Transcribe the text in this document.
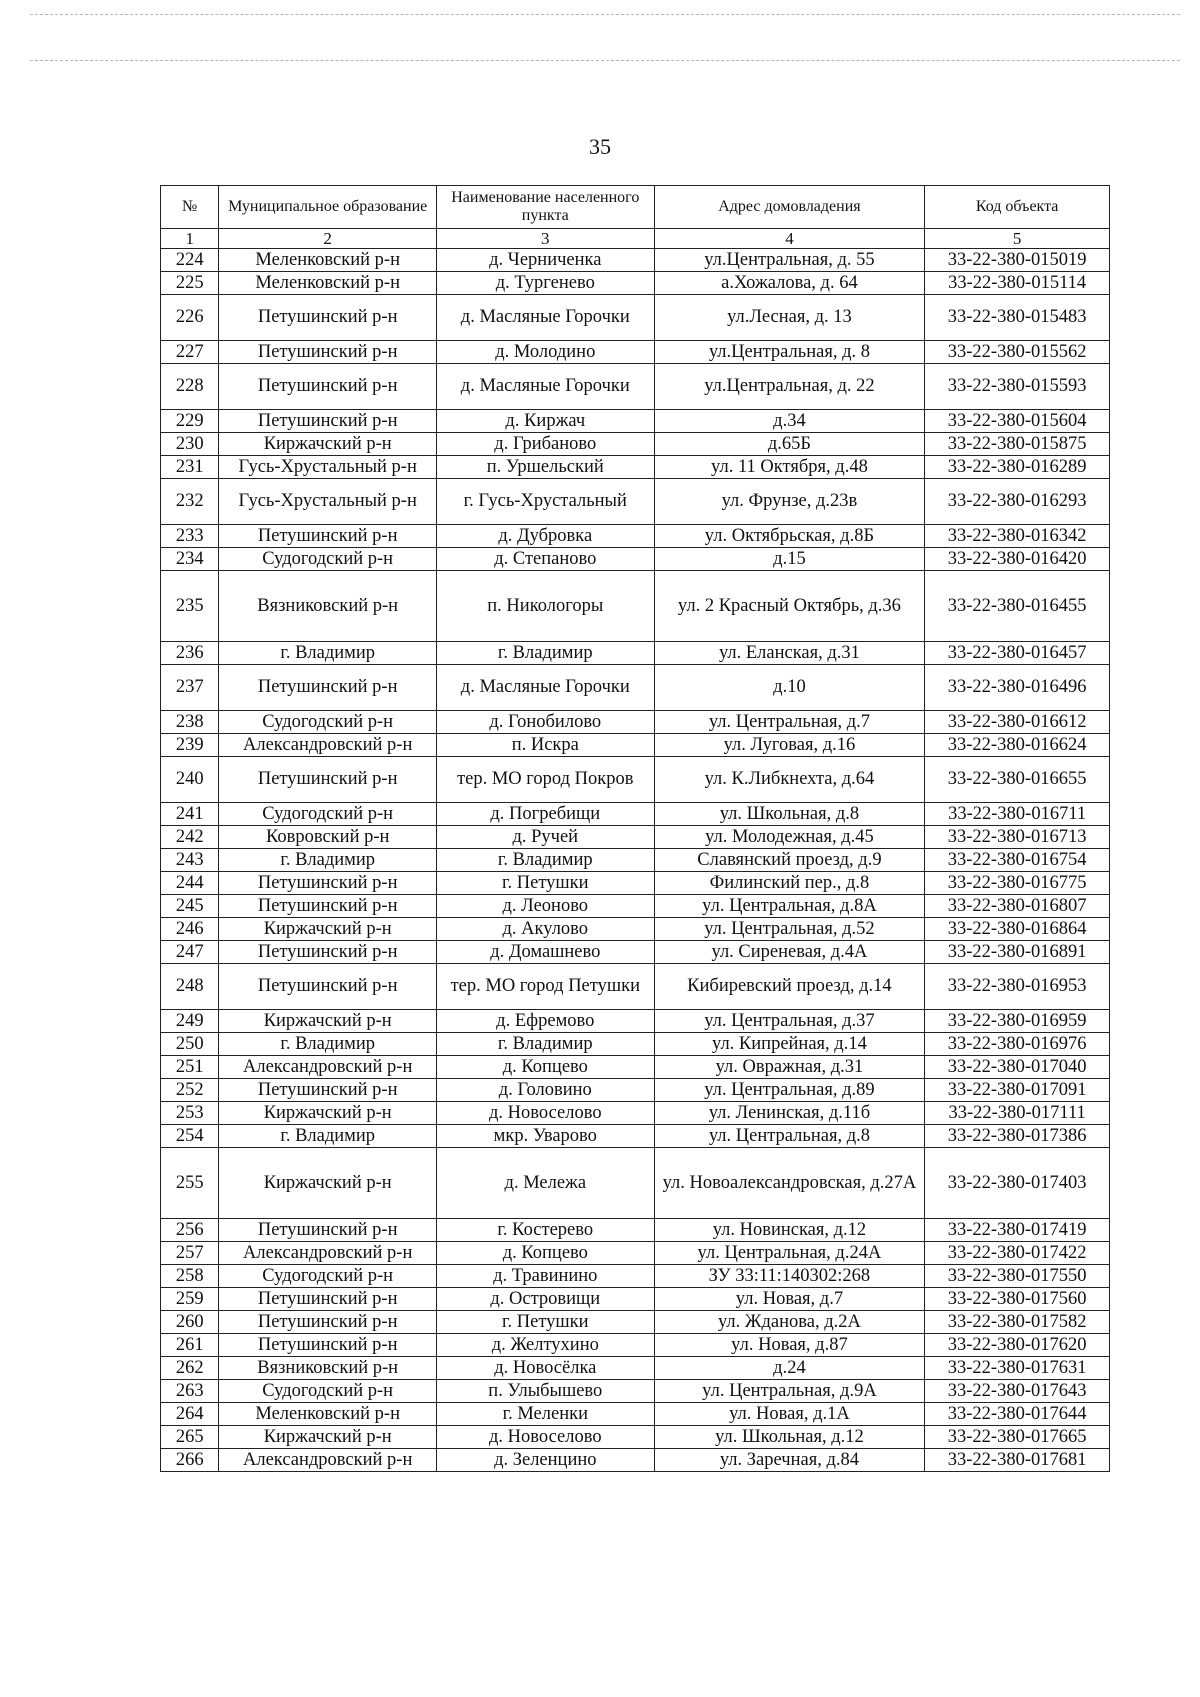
35
№	Муниципальное образование	Наименование населенного пункта	Адрес домовладения	Код объекта
1	2	3	4	5
224	Меленковский р-н	д. Черниченка	ул.Центральная, д. 55	33-22-380-015019
225	Меленковский р-н	д. Тургенево	а.Хожалова, д. 64	33-22-380-015114
226	Петушинский р-н	д. Масляные Горочки	ул.Лесная, д. 13	33-22-380-015483
227	Петушинский р-н	д. Молодино	ул.Центральная, д. 8	33-22-380-015562
228	Петушинский р-н	д. Масляные Горочки	ул.Центральная, д. 22	33-22-380-015593
229	Петушинский р-н	д. Киржач	д.34	33-22-380-015604
230	Киржачский р-н	д. Грибаново	д.65Б	33-22-380-015875
231	Гусь-Хрустальный р-н	п. Уршельский	ул. 11 Октября, д.48	33-22-380-016289
232	Гусь-Хрустальный р-н	г. Гусь-Хрустальный	ул. Фрунзе, д.23в	33-22-380-016293
233	Петушинский р-н	д. Дубровка	ул. Октябрьская, д.8Б	33-22-380-016342
234	Судогодский р-н	д. Степаново	д.15	33-22-380-016420
235	Вязниковский р-н	п. Никологоры	ул. 2 Красный Октябрь, д.36	33-22-380-016455
236	г. Владимир	г. Владимир	ул. Еланская, д.31	33-22-380-016457
237	Петушинский р-н	д. Масляные Горочки	д.10	33-22-380-016496
238	Судогодский р-н	д. Гонобилово	ул. Центральная, д.7	33-22-380-016612
239	Александровский р-н	п. Искра	ул. Луговая, д.16	33-22-380-016624
240	Петушинский р-н	тер. МО город Покров	ул. К.Либкнехта, д.64	33-22-380-016655
241	Судогодский р-н	д. Погребищи	ул. Школьная, д.8	33-22-380-016711
242	Ковровский р-н	д. Ручей	ул. Молодежная, д.45	33-22-380-016713
243	г. Владимир	г. Владимир	Славянский проезд, д.9	33-22-380-016754
244	Петушинский р-н	г. Петушки	Филинский пер., д.8	33-22-380-016775
245	Петушинский р-н	д. Леоново	ул. Центральная, д.8А	33-22-380-016807
246	Киржачский р-н	д. Акулово	ул. Центральная, д.52	33-22-380-016864
247	Петушинский р-н	д. Домашнево	ул. Сиреневая, д.4А	33-22-380-016891
248	Петушинский р-н	тер. МО город Петушки	Кибиревский проезд, д.14	33-22-380-016953
249	Киржачский р-н	д. Ефремово	ул. Центральная, д.37	33-22-380-016959
250	г. Владимир	г. Владимир	ул. Кипрейная, д.14	33-22-380-016976
251	Александровский р-н	д. Копцево	ул. Овражная, д.31	33-22-380-017040
252	Петушинский р-н	д. Головино	ул. Центральная, д.89	33-22-380-017091
253	Киржачский р-н	д. Новоселово	ул. Ленинская, д.11б	33-22-380-017111
254	г. Владимир	мкр. Уварово	ул. Центральная, д.8	33-22-380-017386
255	Киржачский р-н	д. Мележа	ул. Новоалександровская, д.27А	33-22-380-017403
256	Петушинский р-н	г. Костерево	ул. Новинская, д.12	33-22-380-017419
257	Александровский р-н	д. Копцево	ул. Центральная, д.24А	33-22-380-017422
258	Судогодский р-н	д. Травинино	ЗУ 33:11:140302:268	33-22-380-017550
259	Петушинский р-н	д. Островищи	ул. Новая, д.7	33-22-380-017560
260	Петушинский р-н	г. Петушки	ул. Жданова, д.2А	33-22-380-017582
261	Петушинский р-н	д. Желтухино	ул. Новая, д.87	33-22-380-017620
262	Вязниковский р-н	д. Новосёлка	д.24	33-22-380-017631
263	Судогодский р-н	п. Улыбышево	ул. Центральная, д.9А	33-22-380-017643
264	Меленковский р-н	г. Меленки	ул. Новая, д.1А	33-22-380-017644
265	Киржачский р-н	д. Новоселово	ул. Школьная, д.12	33-22-380-017665
266	Александровский р-н	д. Зеленцино	ул. Заречная, д.84	33-22-380-017681
